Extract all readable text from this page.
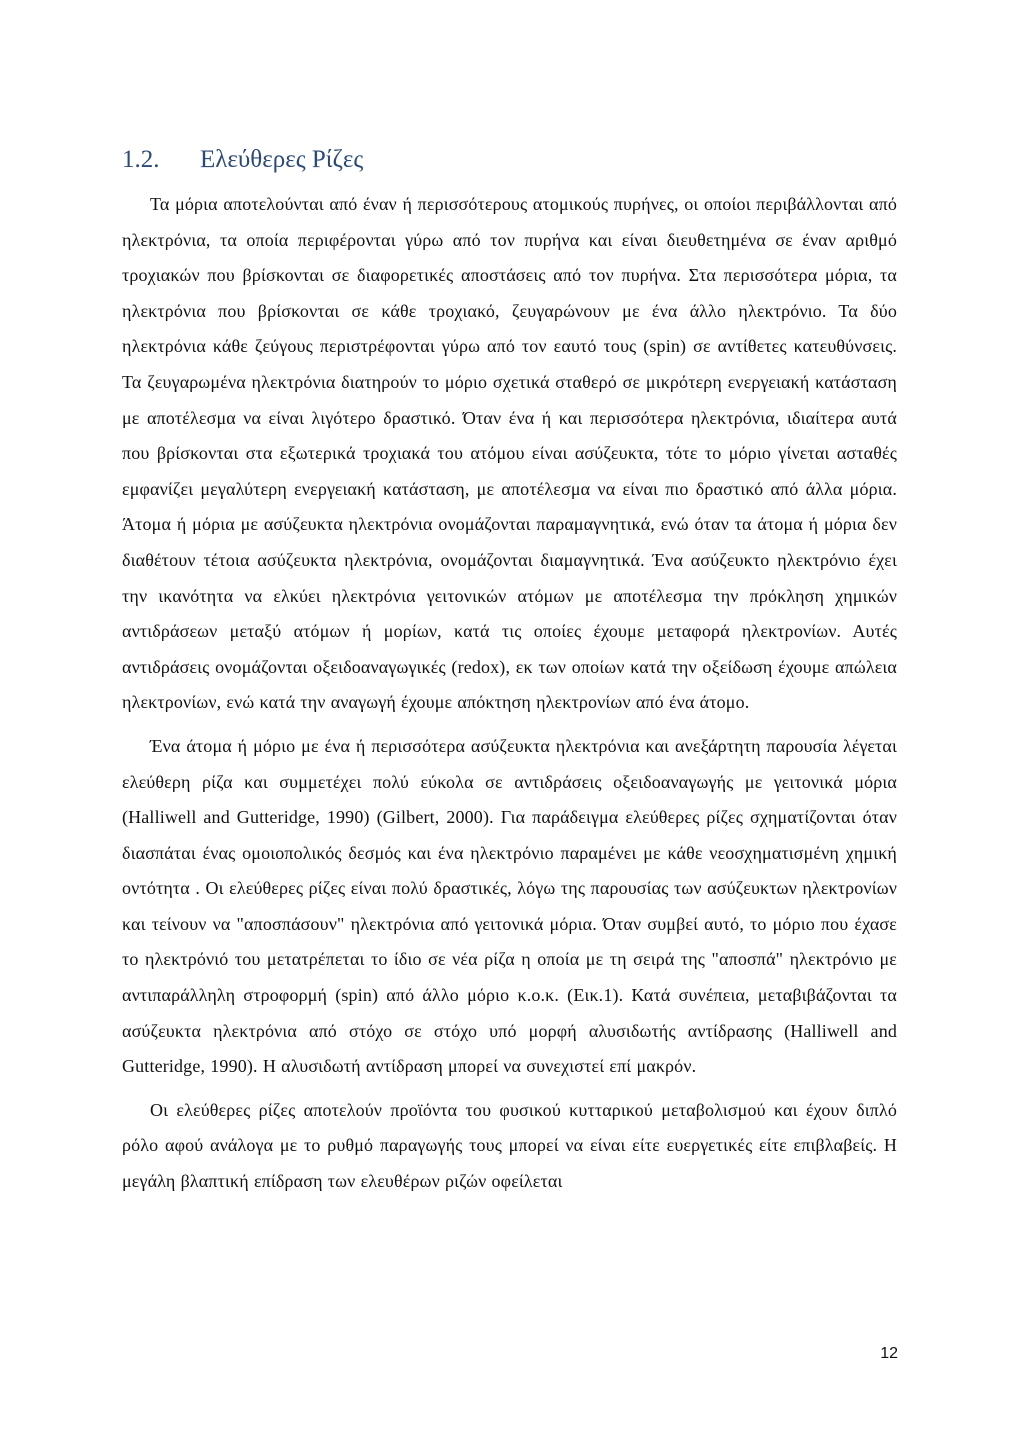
1.2. Ελεύθερες Ρίζες

Τα μόρια αποτελούνται από έναν ή περισσότερους ατομικούς πυρήνες, οι οποίοι περιβάλλονται από ηλεκτρόνια, τα οποία περιφέρονται γύρω από τον πυρήνα και είναι διευθετημένα σε έναν αριθμό τροχιακών που βρίσκονται σε διαφορετικές αποστάσεις από τον πυρήνα. Στα περισσότερα μόρια, τα ηλεκτρόνια που βρίσκονται σε κάθε τροχιακό, ζευγαρώνουν με ένα άλλο ηλεκτρόνιο. Τα δύο ηλεκτρόνια κάθε ζεύγους περιστρέφονται γύρω από τον εαυτό τους (spin) σε αντίθετες κατευθύνσεις. Τα ζευγαρωμένα ηλεκτρόνια διατηρούν το μόριο σχετικά σταθερό σε μικρότερη ενεργειακή κατάσταση με αποτέλεσμα να είναι λιγότερο δραστικό. Όταν ένα ή και περισσότερα ηλεκτρόνια, ιδιαίτερα αυτά που βρίσκονται στα εξωτερικά τροχιακά του ατόμου είναι ασύζευκτα, τότε το μόριο γίνεται ασταθές εμφανίζει μεγαλύτερη ενεργειακή κατάσταση, με αποτέλεσμα να είναι πιο δραστικό από άλλα μόρια. Άτομα ή μόρια με ασύζευκτα ηλεκτρόνια ονομάζονται παραμαγνητικά, ενώ όταν τα άτομα ή μόρια δεν διαθέτουν τέτοια ασύζευκτα ηλεκτρόνια, ονομάζονται διαμαγνητικά. Ένα ασύζευκτο ηλεκτρόνιο έχει την ικανότητα να ελκύει ηλεκτρόνια γειτονικών ατόμων με αποτέλεσμα την πρόκληση χημικών αντιδράσεων μεταξύ ατόμων ή μορίων, κατά τις οποίες έχουμε μεταφορά ηλεκτρονίων. Αυτές αντιδράσεις ονομάζονται οξειδοαναγωγικές (redox), εκ των οποίων κατά την οξείδωση έχουμε απώλεια ηλεκτρονίων, ενώ κατά την αναγωγή έχουμε απόκτηση ηλεκτρονίων από ένα άτομο.

Ένα άτομα ή μόριο με ένα ή περισσότερα ασύζευκτα ηλεκτρόνια και ανεξάρτητη παρουσία λέγεται ελεύθερη ρίζα και συμμετέχει πολύ εύκολα σε αντιδράσεις οξειδοαναγωγής με γειτονικά μόρια (Halliwell and Gutteridge, 1990) (Gilbert, 2000). Για παράδειγμα ελεύθερες ρίζες σχηματίζονται όταν διασπάται ένας ομοιοπολικός δεσμός και ένα ηλεκτρόνιο παραμένει με κάθε νεοσχηματισμένη χημική οντότητα . Οι ελεύθερες ρίζες είναι πολύ δραστικές, λόγω της παρουσίας των ασύζευκτων ηλεκτρονίων και τείνουν να "αποσπάσουν" ηλεκτρόνια από γειτονικά μόρια. Όταν συμβεί αυτό, το μόριο που έχασε το ηλεκτρόνιό του μετατρέπεται το ίδιο σε νέα ρίζα η οποία με τη σειρά της "αποσπά" ηλεκτρόνιο με αντιπαράλληλη στροφορμή (spin) από άλλο μόριο κ.ο.κ. (Εικ.1). Κατά συνέπεια, μεταβιβάζονται τα ασύζευκτα ηλεκτρόνια από στόχο σε στόχο υπό μορφή αλυσιδωτής αντίδρασης (Halliwell and Gutteridge, 1990). Η αλυσιδωτή αντίδραση μπορεί να συνεχιστεί επί μακρόν.

Οι ελεύθερες ρίζες αποτελούν προϊόντα του φυσικού κυτταρικού μεταβολισμού και έχουν διπλό ρόλο αφού ανάλογα με το ρυθμό παραγωγής τους μπορεί να είναι είτε ευεργετικές είτε επιβλαβείς. Η μεγάλη βλαπτική επίδραση των ελευθέρων ριζών οφείλεται

12
